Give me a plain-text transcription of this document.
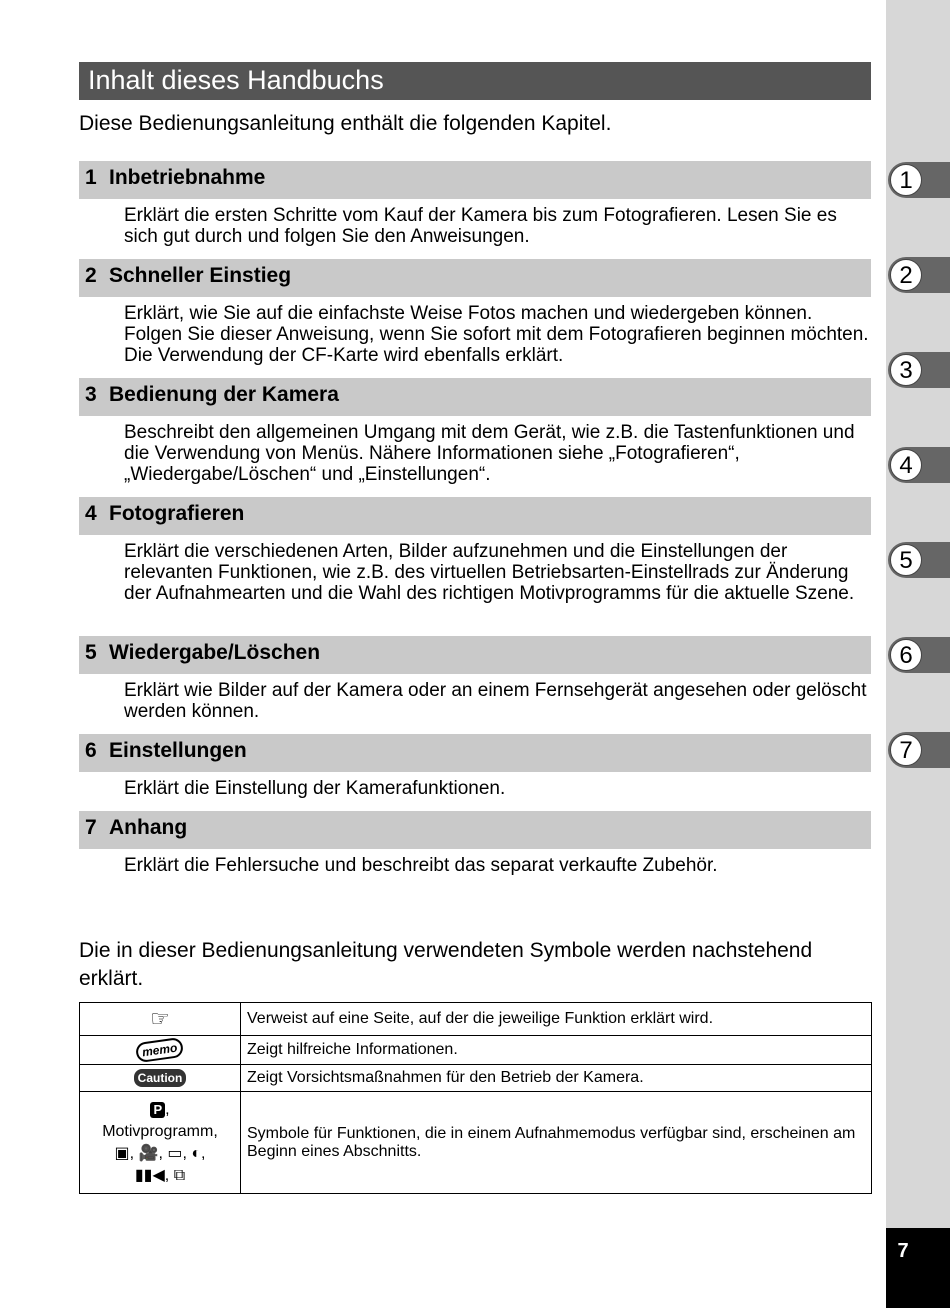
1
2
3
4
5
6
7
7
Inhalt dieses Handbuchs
Diese Bedienungsanleitung enthält die folgenden Kapitel.
1 Inbetriebnahme

Erklärt die ersten Schritte vom Kauf der Kamera bis zum Fotografieren. Lesen Sie es sich gut durch und folgen Sie den Anweisungen.

2 Schneller Einstieg

Erklärt, wie Sie auf die einfachste Weise Fotos machen und wiedergeben können. Folgen Sie dieser Anweisung, wenn Sie sofort mit dem Fotografieren beginnen möchten. Die Verwendung der CF-Karte wird ebenfalls erklärt.

3 Bedienung der Kamera

Beschreibt den allgemeinen Umgang mit dem Gerät, wie z.B. die Tastenfunktionen und die Verwendung von Menüs. Nähere Informationen siehe „Fotografieren“, „Wiedergabe/Löschen“ und „Einstellungen“.

4 Fotografieren

Erklärt die verschiedenen Arten, Bilder aufzunehmen und die Einstellungen der relevanten Funktionen, wie z.B. des virtuellen Betriebsarten-Einstellrads zur Änderung der Aufnahmearten und die Wahl des richtigen Motivprogramms für die aktuelle Szene.

5 Wiedergabe/Löschen

Erklärt wie Bilder auf der Kamera oder an einem Fernsehgerät angesehen oder gelöscht werden können.

6 Einstellungen

Erklärt die Einstellung der Kamerafunktionen.

7 Anhang

Erklärt die Fehlersuche und beschreibt das separat verkaufte Zubehör.

Die in dieser Bedienungsanleitung verwendeten Symbole werden nachstehend erklärt.
☞	Verweist auf eine Seite, auf der die jeweilige Funktion erklärt wird.
memo	Zeigt hilfreiche Informationen.
Caution	Zeigt Vorsichtsmaßnahmen für den Betrieb der Kamera.

P ,
Motivprogramm,
▣, 🎥, ▭, ◐,
▮▮◀, ⧉	Symbole für Funktionen, die in einem Aufnahmemodus verfügbar sind, erscheinen am Beginn eines Abschnitts.
